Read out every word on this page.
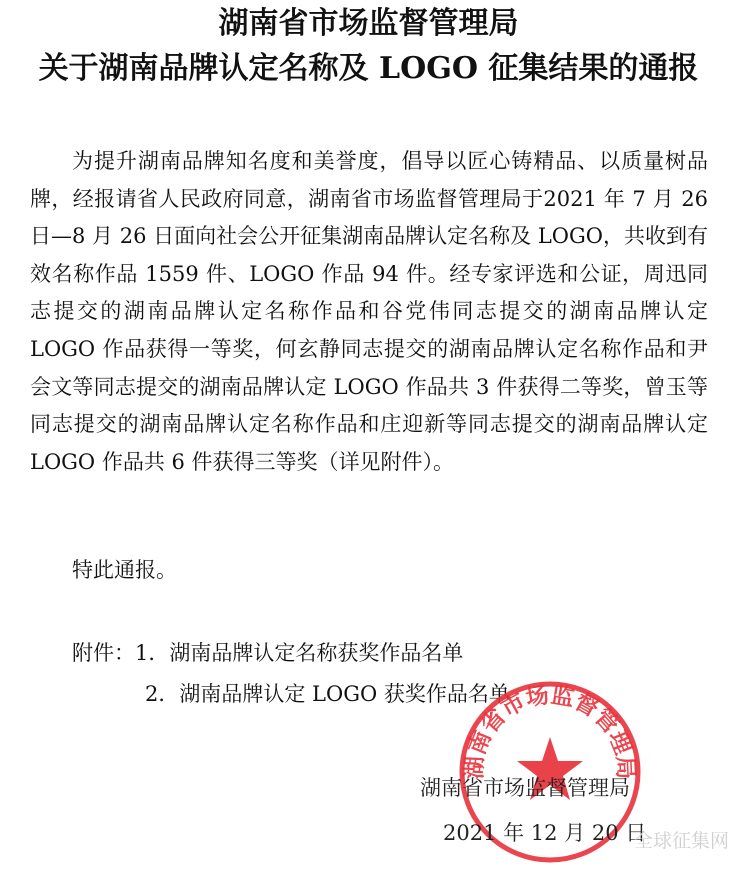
湖南省市场监督管理局
关于湖南品牌认定名称及 LOGO 征集结果的通报

为提升湖南品牌知名度和美誉度，倡导以匠心铸精品、以质量树品牌，经报请省人民政府同意，湖南省市场监督管理局于2021 年 7 月 26 日—8 月 26 日面向社会公开征集湖南品牌认定名称及 LOGO，共收到有效名称作品 1559 件、LOGO 作品 94 件。经专家评选和公证，周迅同志提交的湖南品牌认定名称作品和谷党伟同志提交的湖南品牌认定 LOGO 作品获得一等奖，何玄静同志提交的湖南品牌认定名称作品和尹会文等同志提交的湖南品牌认定 LOGO 作品共 3 件获得二等奖，曾玉等同志提交的湖南品牌认定名称作品和庄迎新等同志提交的湖南品牌认定 LOGO 作品共 6 件获得三等奖（详见附件）。

特此通报。

附件：1．湖南品牌认定名称获奖作品名单

2．湖南品牌认定 LOGO 获奖作品名单

湖南省市场监督管理局

湖南省市场监督管理局

2021 年 12 月 20 日

全球征集网
